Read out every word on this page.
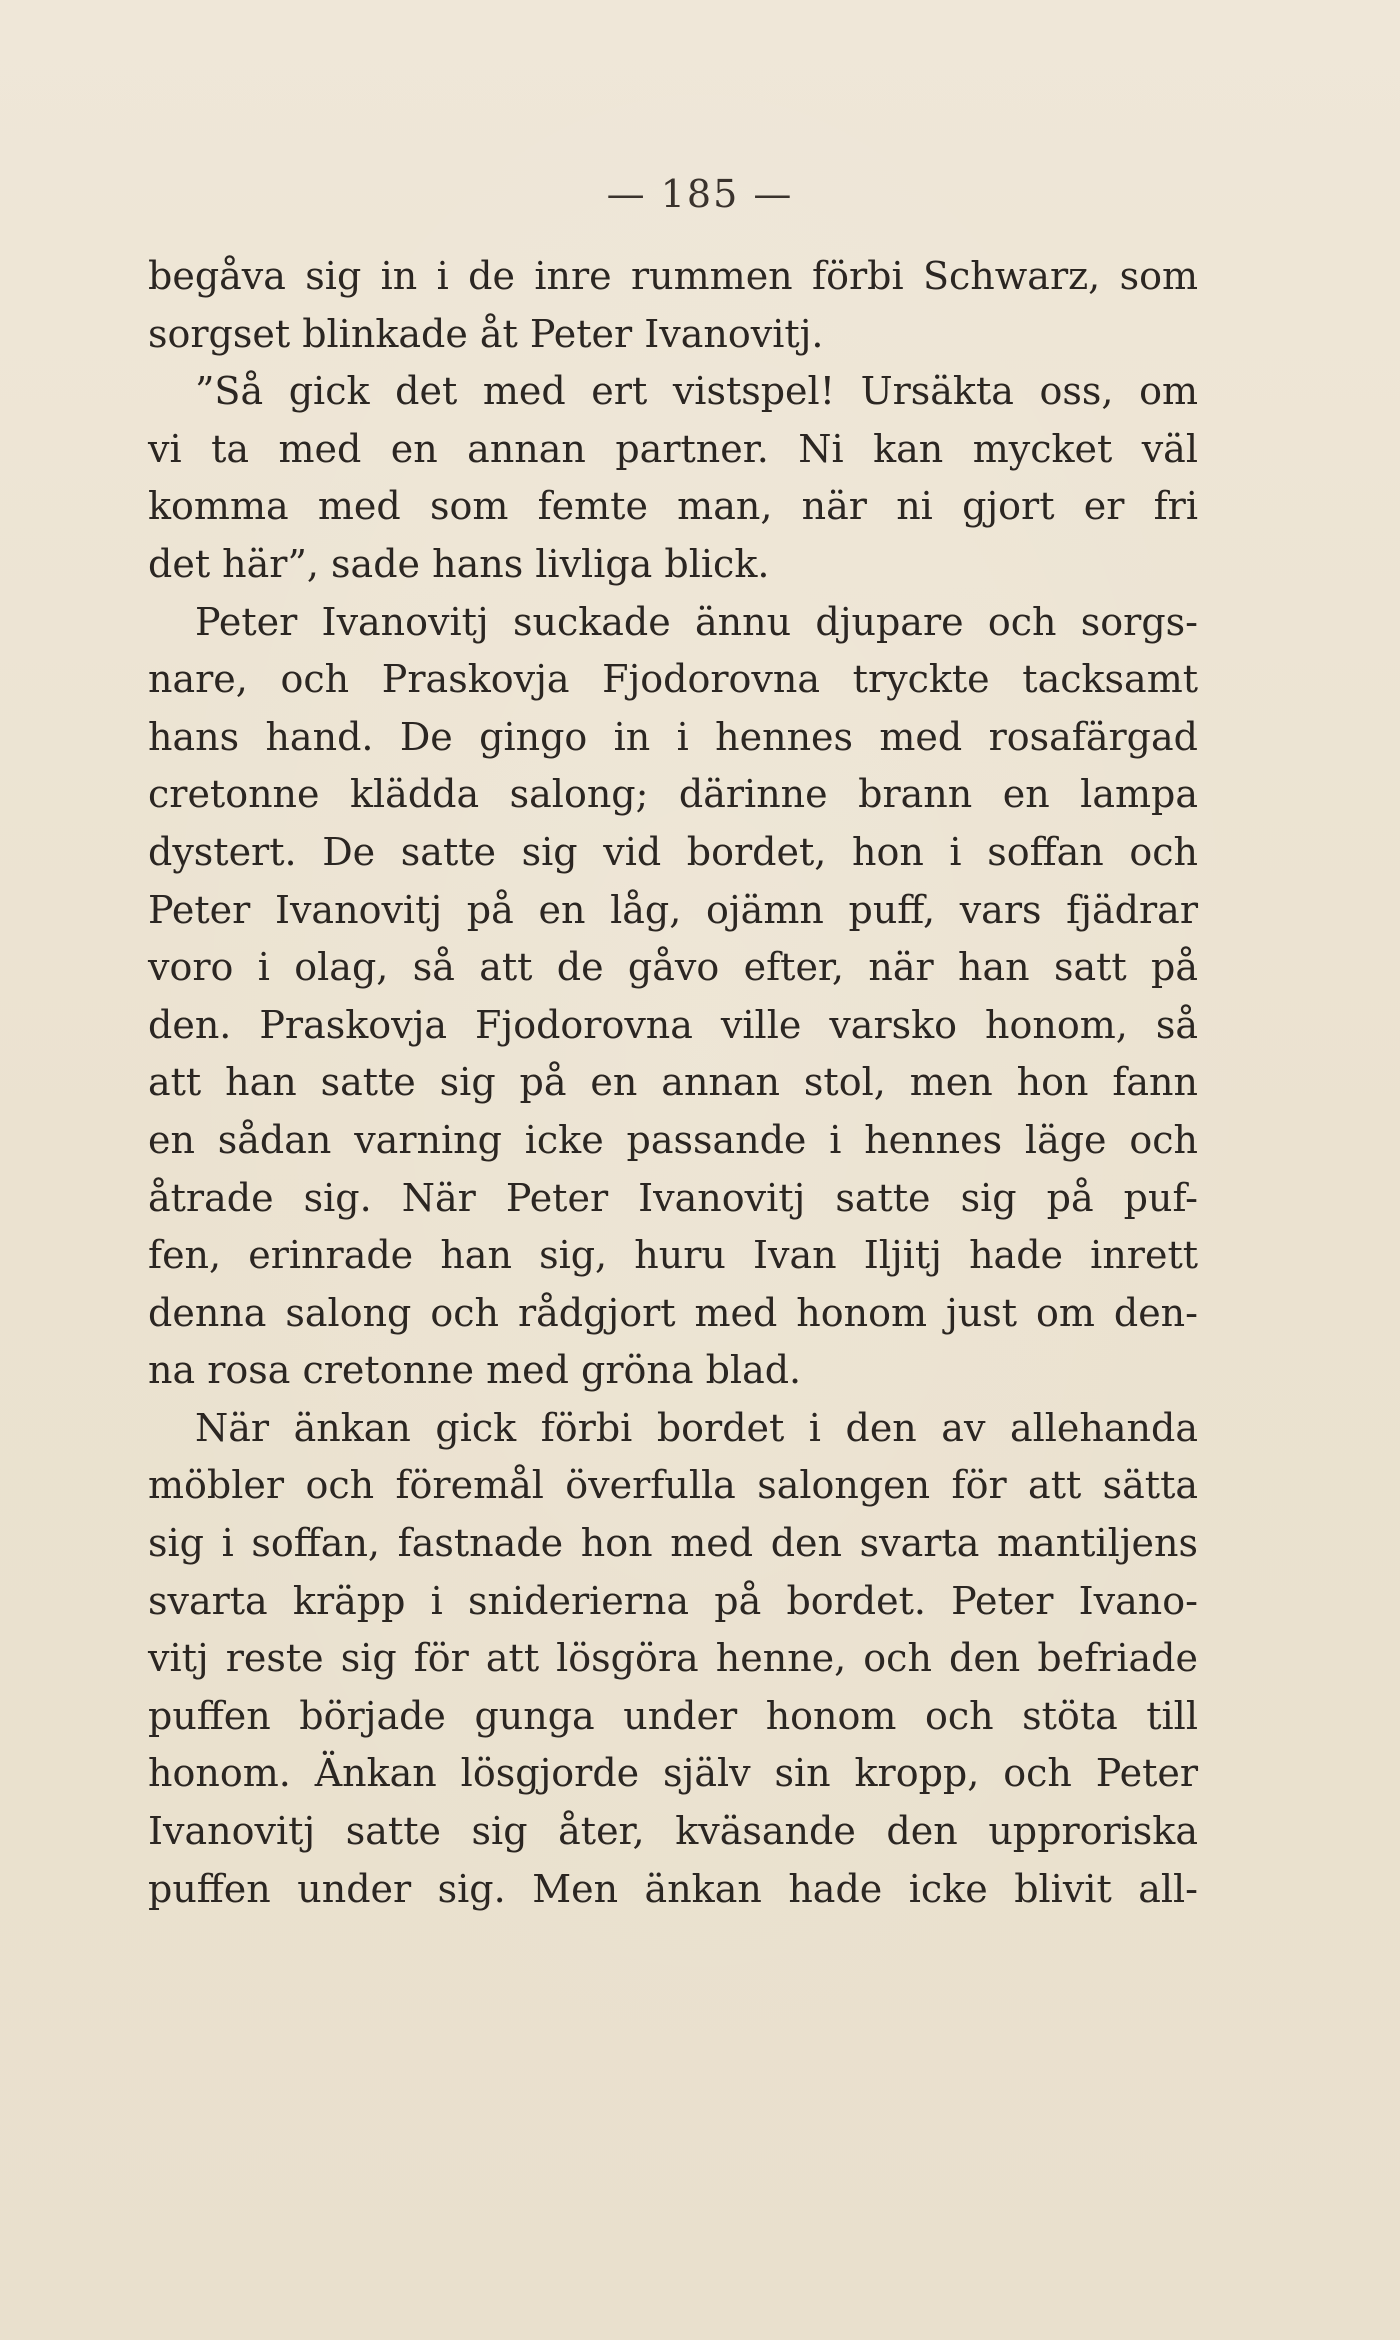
— 185 —
begåva sig in i de inre rummen förbi Schwarz, som
sorgset blinkade åt Peter Ivanovitj.
”Så gick det med ert vistspel! Ursäkta oss, om
vi ta med en annan partner. Ni kan mycket väl
komma med som femte man, när ni gjort er fri
det här”, sade hans livliga blick.
Peter Ivanovitj suckade ännu djupare och sorgs-
nare, och Praskovja Fjodorovna tryckte tacksamt
hans hand. De gingo in i hennes med rosafärgad
cretonne klädda salong; därinne brann en lampa
dystert. De satte sig vid bordet, hon i soffan och
Peter Ivanovitj på en låg, ojämn puff, vars fjädrar
voro i olag, så att de gåvo efter, när han satt på
den. Praskovja Fjodorovna ville varsko honom, så
att han satte sig på en annan stol, men hon fann
en sådan varning icke passande i hennes läge och
åtrade sig. När Peter Ivanovitj satte sig på puf-
fen, erinrade han sig, huru Ivan Iljitj hade inrett
denna salong och rådgjort med honom just om den-
na rosa cretonne med gröna blad.
När änkan gick förbi bordet i den av allehanda
möbler och föremål överfulla salongen för att sätta
sig i soffan, fastnade hon med den svarta mantiljens
svarta kräpp i sniderierna på bordet. Peter Ivano-
vitj reste sig för att lösgöra henne, och den befriade
puffen började gunga under honom och stöta till
honom. Änkan lösgjorde själv sin kropp, och Peter
Ivanovitj satte sig åter, kväsande den upproriska
puffen under sig. Men änkan hade icke blivit all-
